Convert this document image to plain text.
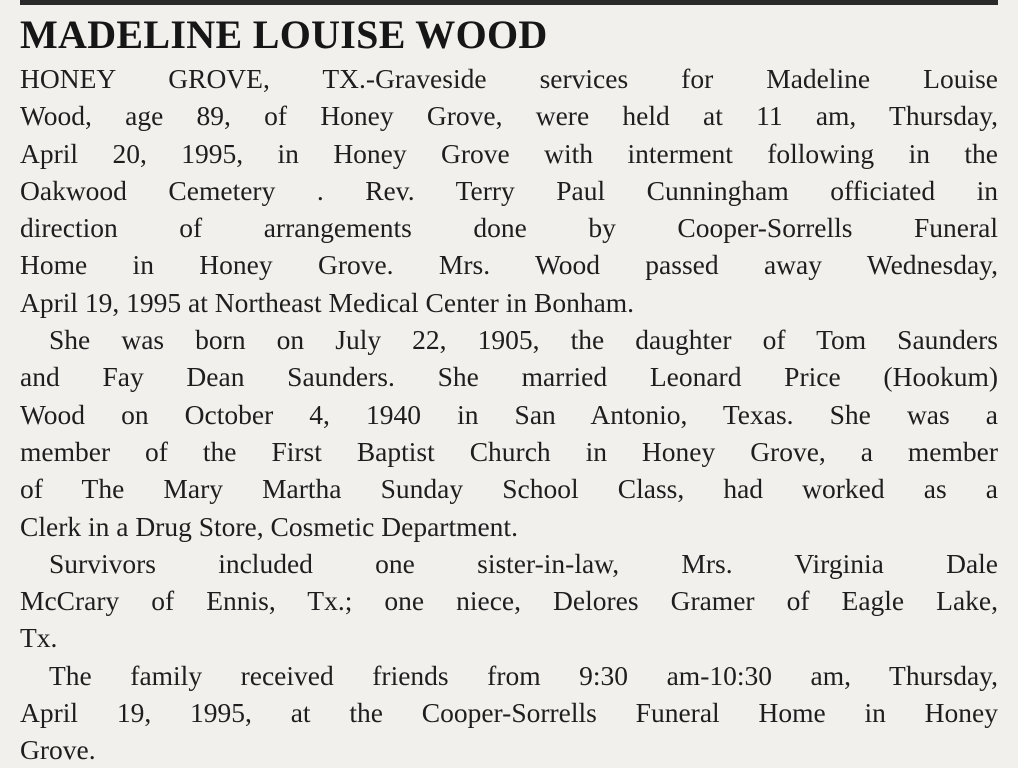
MADELINE LOUISE WOOD
HONEY GROVE, TX.-Graveside services for Madeline Louise
Wood, age 89, of Honey Grove, were held at 11 am, Thursday,
April 20, 1995, in Honey Grove with interment following in the
Oakwood Cemetery . Rev. Terry Paul Cunningham officiated in
direction of arrangements done by Cooper-Sorrells Funeral
Home in Honey Grove. Mrs. Wood passed away Wednesday,
April 19, 1995 at Northeast Medical Center in Bonham.
She was born on July 22, 1905, the daughter of Tom Saunders
and Fay Dean Saunders. She married Leonard Price (Hookum)
Wood on October 4, 1940 in San Antonio, Texas. She was a
member of the First Baptist Church in Honey Grove, a member
of The Mary Martha Sunday School Class, had worked as a
Clerk in a Drug Store, Cosmetic Department.
Survivors included one sister-in-law, Mrs. Virginia Dale
McCrary of Ennis, Tx.; one niece, Delores Gramer of Eagle Lake,
Tx.
The family received friends from 9:30 am-10:30 am, Thursday,
April 19, 1995, at the Cooper-Sorrells Funeral Home in Honey
Grove.
